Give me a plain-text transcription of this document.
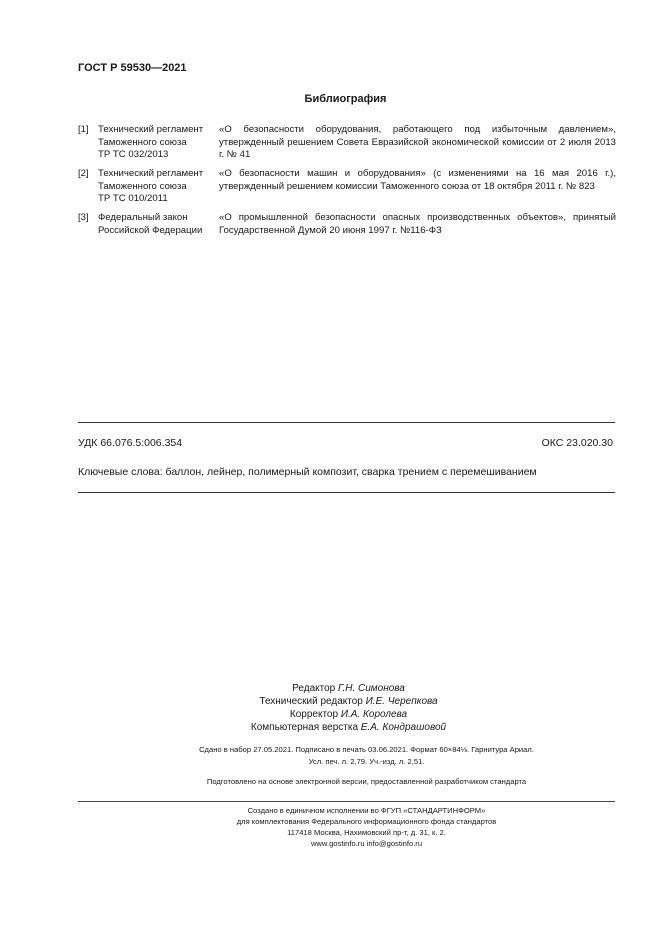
ГОСТ Р 59530—2021
Библиография
[1] Технический регламент
Таможенного союза
ТР ТС 032/2013
«О безопасности оборудования, работающего под избыточным давлением», утвержденный решением Совета Евразийской экономической комиссии от 2 июля 2013 г. № 41
[2] Технический регламент
Таможенного союза
ТР ТС 010/2011
«О безопасности машин и оборудования» (с изменениями на 16 мая 2016 г.), утвержденный решением комиссии Таможенного союза от 18 октября 2011 г. № 823
[3] Федеральный закон
Российской Федерации
«О промышленной безопасности опасных производственных объектов», принятый Государственной Думой 20 июня 1997 г. №116-ФЗ
УДК 66.076.5:006.354	ОКС 23.020.30
Ключевые слова: баллон, лейнер, полимерный композит, сварка трением с перемешиванием
Редактор Г.Н. Симонова
Технический редактор И.Е. Черепкова
Корректор И.А. Королева
Компьютерная верстка Е.А. Кондрашовой
Сдано в набор 27.05.2021. Подписано в печать 03.06.2021. Формат 60×84⅛. Гарнитура Ариал.
Усл. печ. л. 2,79. Уч.-изд. л. 2,51.
Подготовлено на основе электронной версии, предоставленной разработчиком стандарта
Создано в единичном исполнении во ФГУП «СТАНДАРТИНФОРМ»
для комплектования Федерального информационного фонда стандартов
117418 Москва, Нахимовский пр-т, д. 31, к. 2.
www.gostinfo.ru info@gostinfo.ru
